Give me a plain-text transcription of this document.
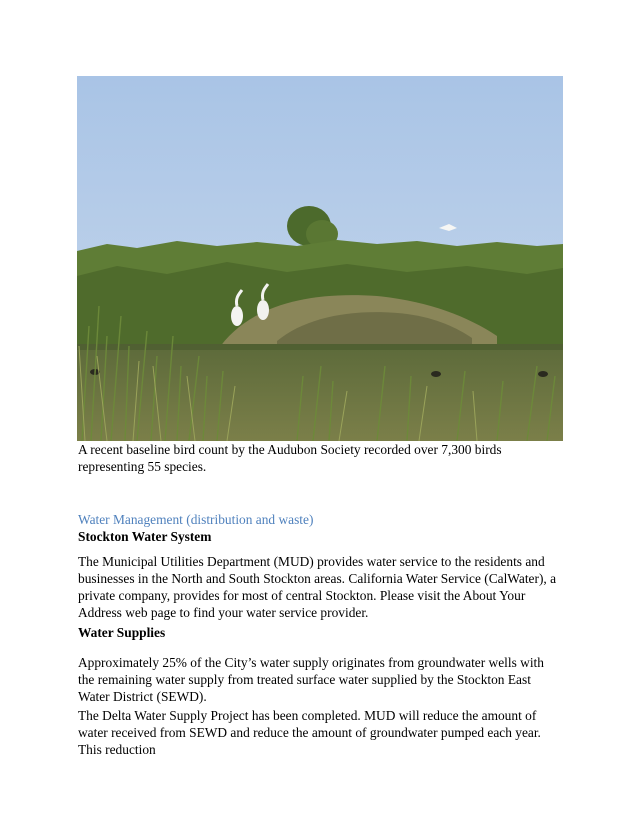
A recent baseline bird count by the Audubon Society recorded over 7,300 birds representing 55 species.

Water Management (distribution and waste)

Stockton Water System

The Municipal Utilities Department (MUD) provides water service to the residents and businesses in the North and South Stockton areas. California Water Service (CalWater), a private company, provides for most of central Stockton. Please visit the About Your Address web page to find your water service provider.

Water Supplies

Approximately 25% of the City’s water supply originates from groundwater wells with the remaining water supply from treated surface water supplied by the Stockton East Water District (SEWD).

The Delta Water Supply Project has been completed. MUD will reduce the amount of water received from SEWD and reduce the amount of groundwater pumped each year. This reduction
